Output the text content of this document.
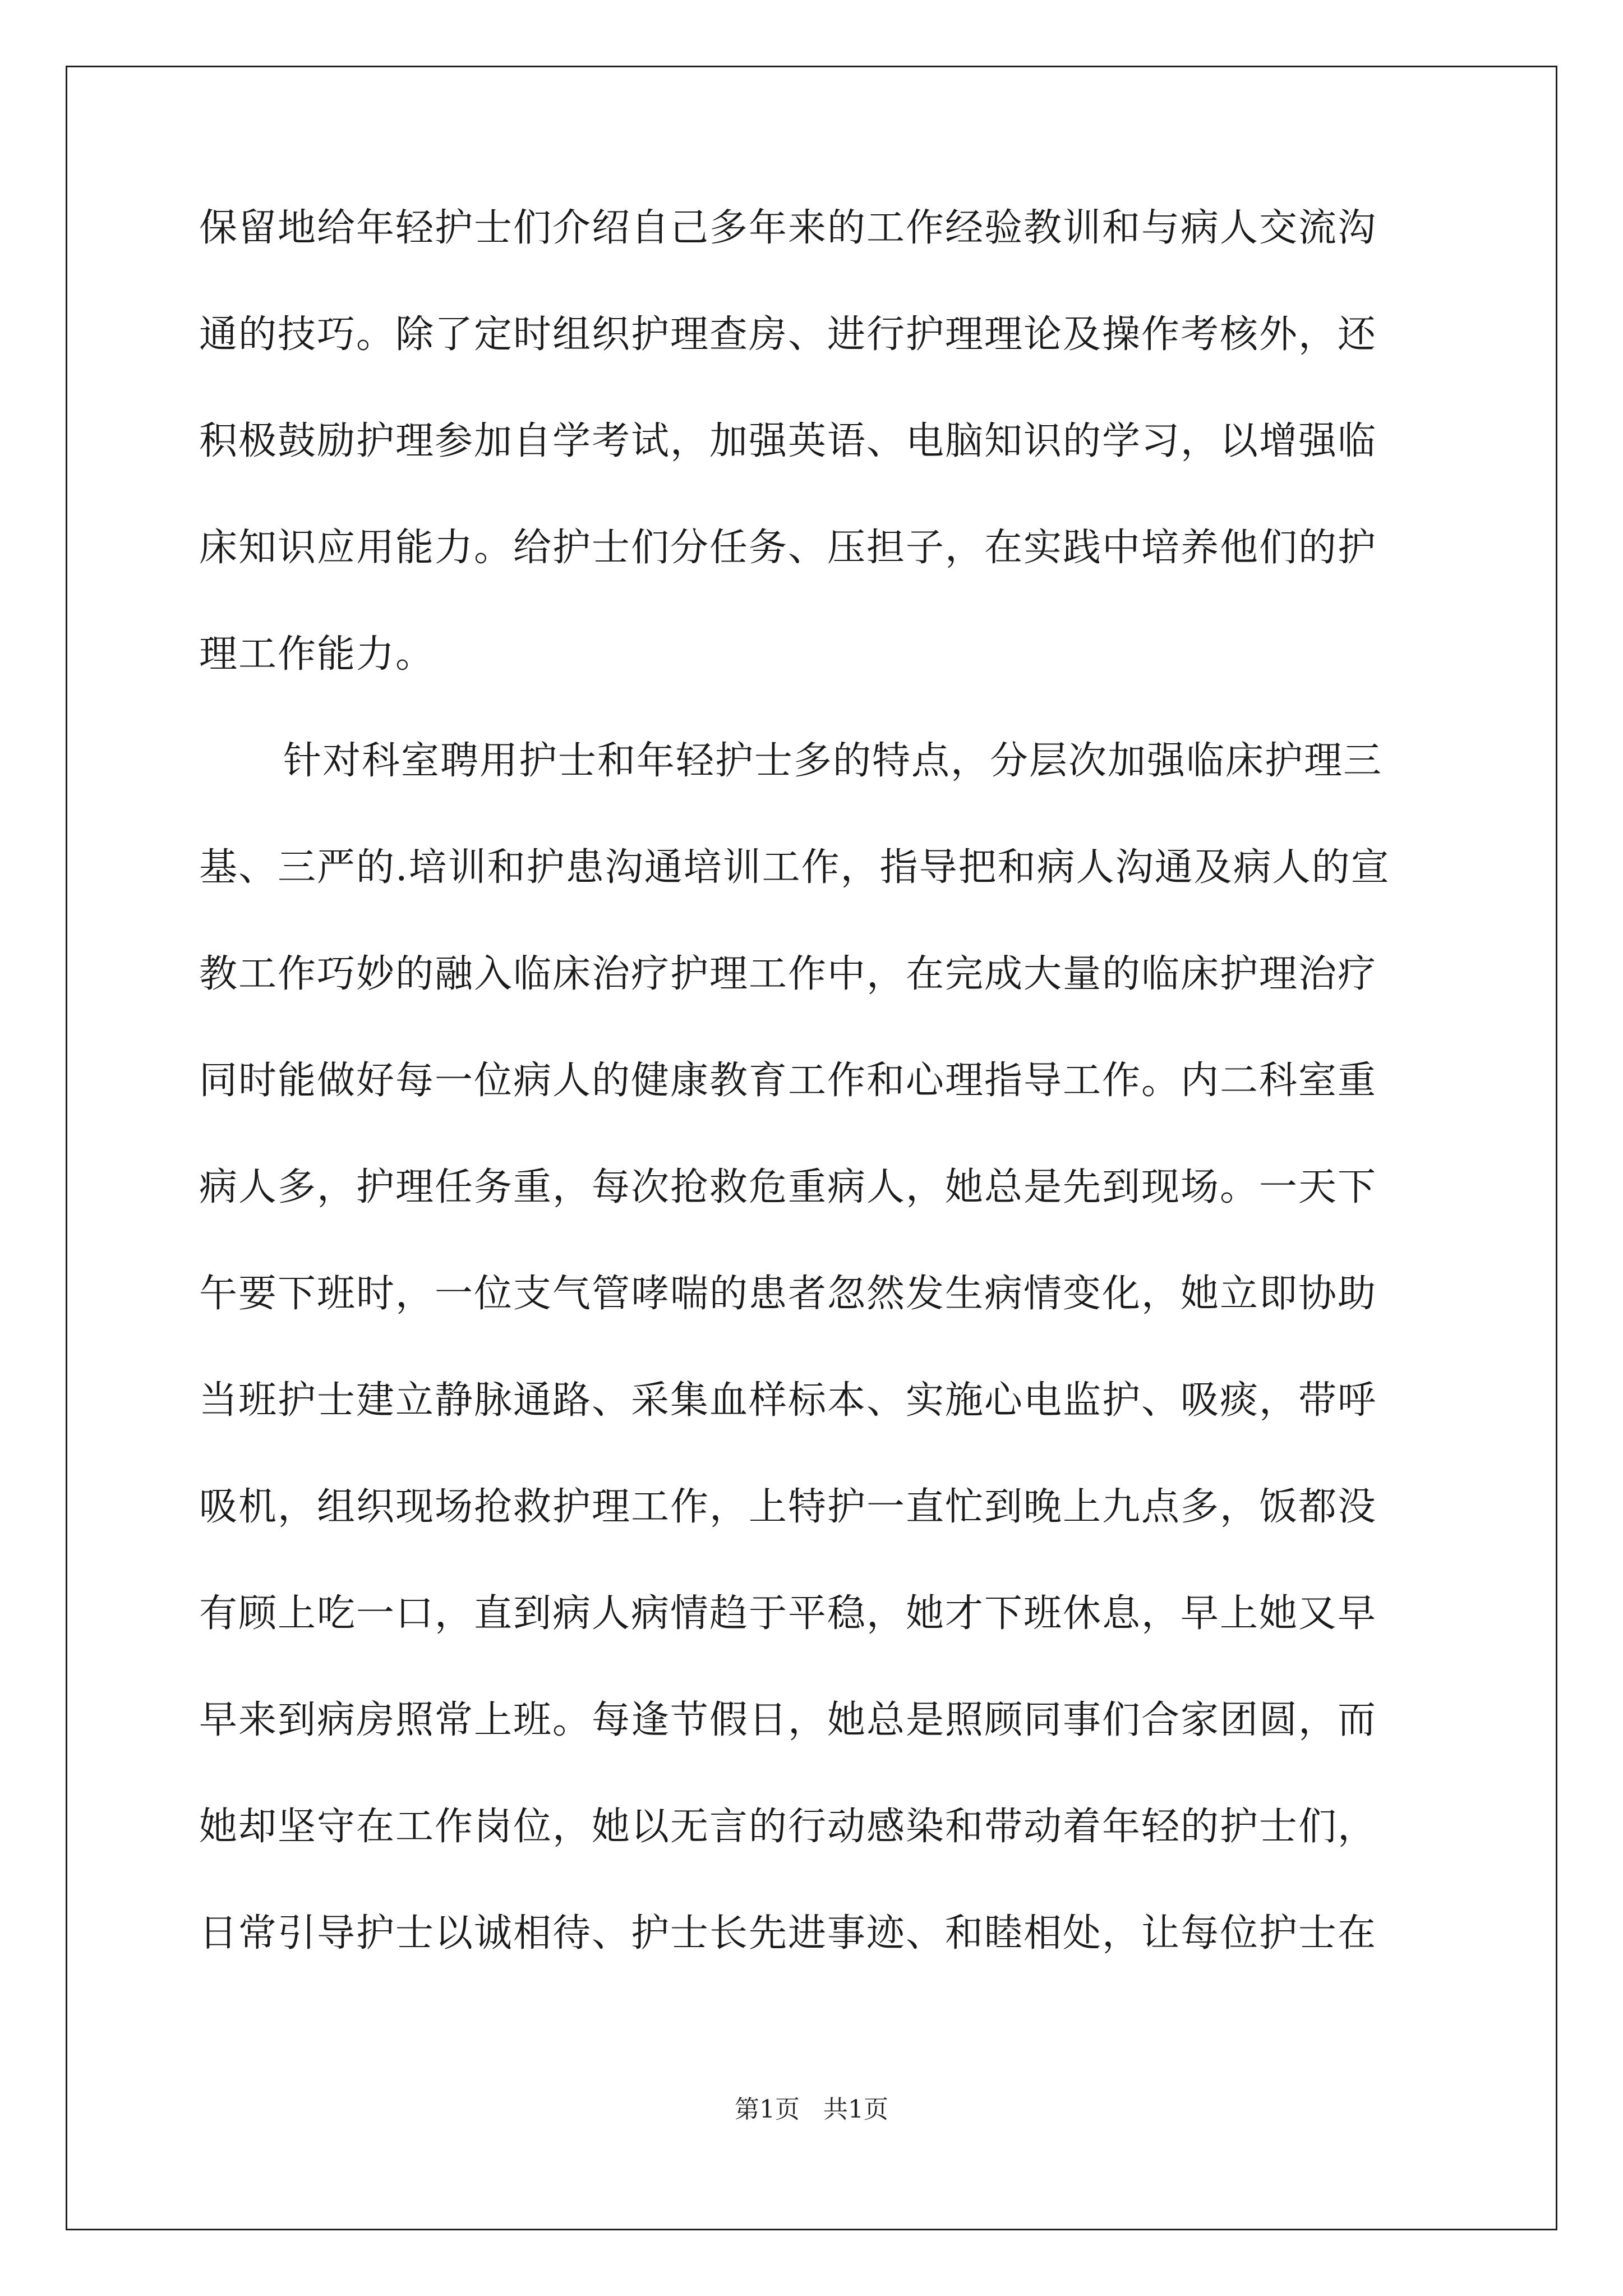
保留地给年轻护士们介绍自己多年来的工作经验教训和与病人交流沟
通的技巧。除了定时组织护理查房、进行护理理论及操作考核外，还
积极鼓励护理参加自学考试，加强英语、电脑知识的学习，以增强临
床知识应用能力。给护士们分任务、压担子，在实践中培养他们的护
理工作能力。
针对科室聘用护士和年轻护士多的特点，分层次加强临床护理三
基、三严的.培训和护患沟通培训工作，指导把和病人沟通及病人的宣
教工作巧妙的融入临床治疗护理工作中，在完成大量的临床护理治疗
同时能做好每一位病人的健康教育工作和心理指导工作。内二科室重
病人多，护理任务重，每次抢救危重病人，她总是先到现场。一天下
午要下班时，一位支气管哮喘的患者忽然发生病情变化，她立即协助
当班护士建立静脉通路、采集血样标本、实施心电监护、吸痰，带呼
吸机，组织现场抢救护理工作，上特护一直忙到晚上九点多，饭都没
有顾上吃一口，直到病人病情趋于平稳，她才下班休息，早上她又早
早来到病房照常上班。每逢节假日，她总是照顾同事们合家团圆，而
她却坚守在工作岗位，她以无言的行动感染和带动着年轻的护士们，
日常引导护士以诚相待、护士长先进事迹、和睦相处，让每位护士在
第1页   共1页
